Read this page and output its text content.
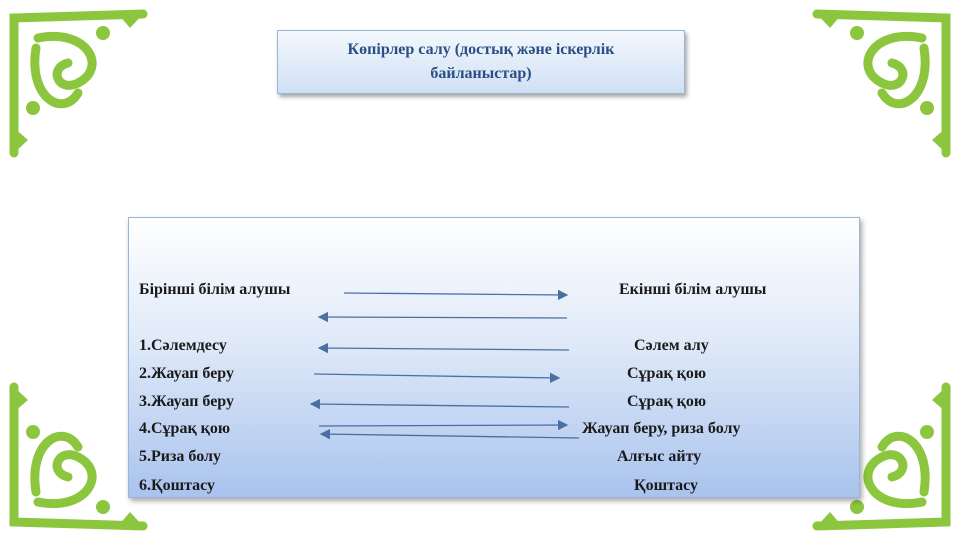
Көпірлер салу (достық және іскерлік байланыстар)
Бірінші білім алушы	Екінші білім алушы
1.Сәлемдесу	Сәлем алу
2.Жауап беру	Сұрақ қою
3.Жауап беру	Сұрақ қою
4.Сұрақ қою	Жауап беру, риза болу
5.Риза болу	Алғыс айту
6.Қоштасу	Қоштасу
